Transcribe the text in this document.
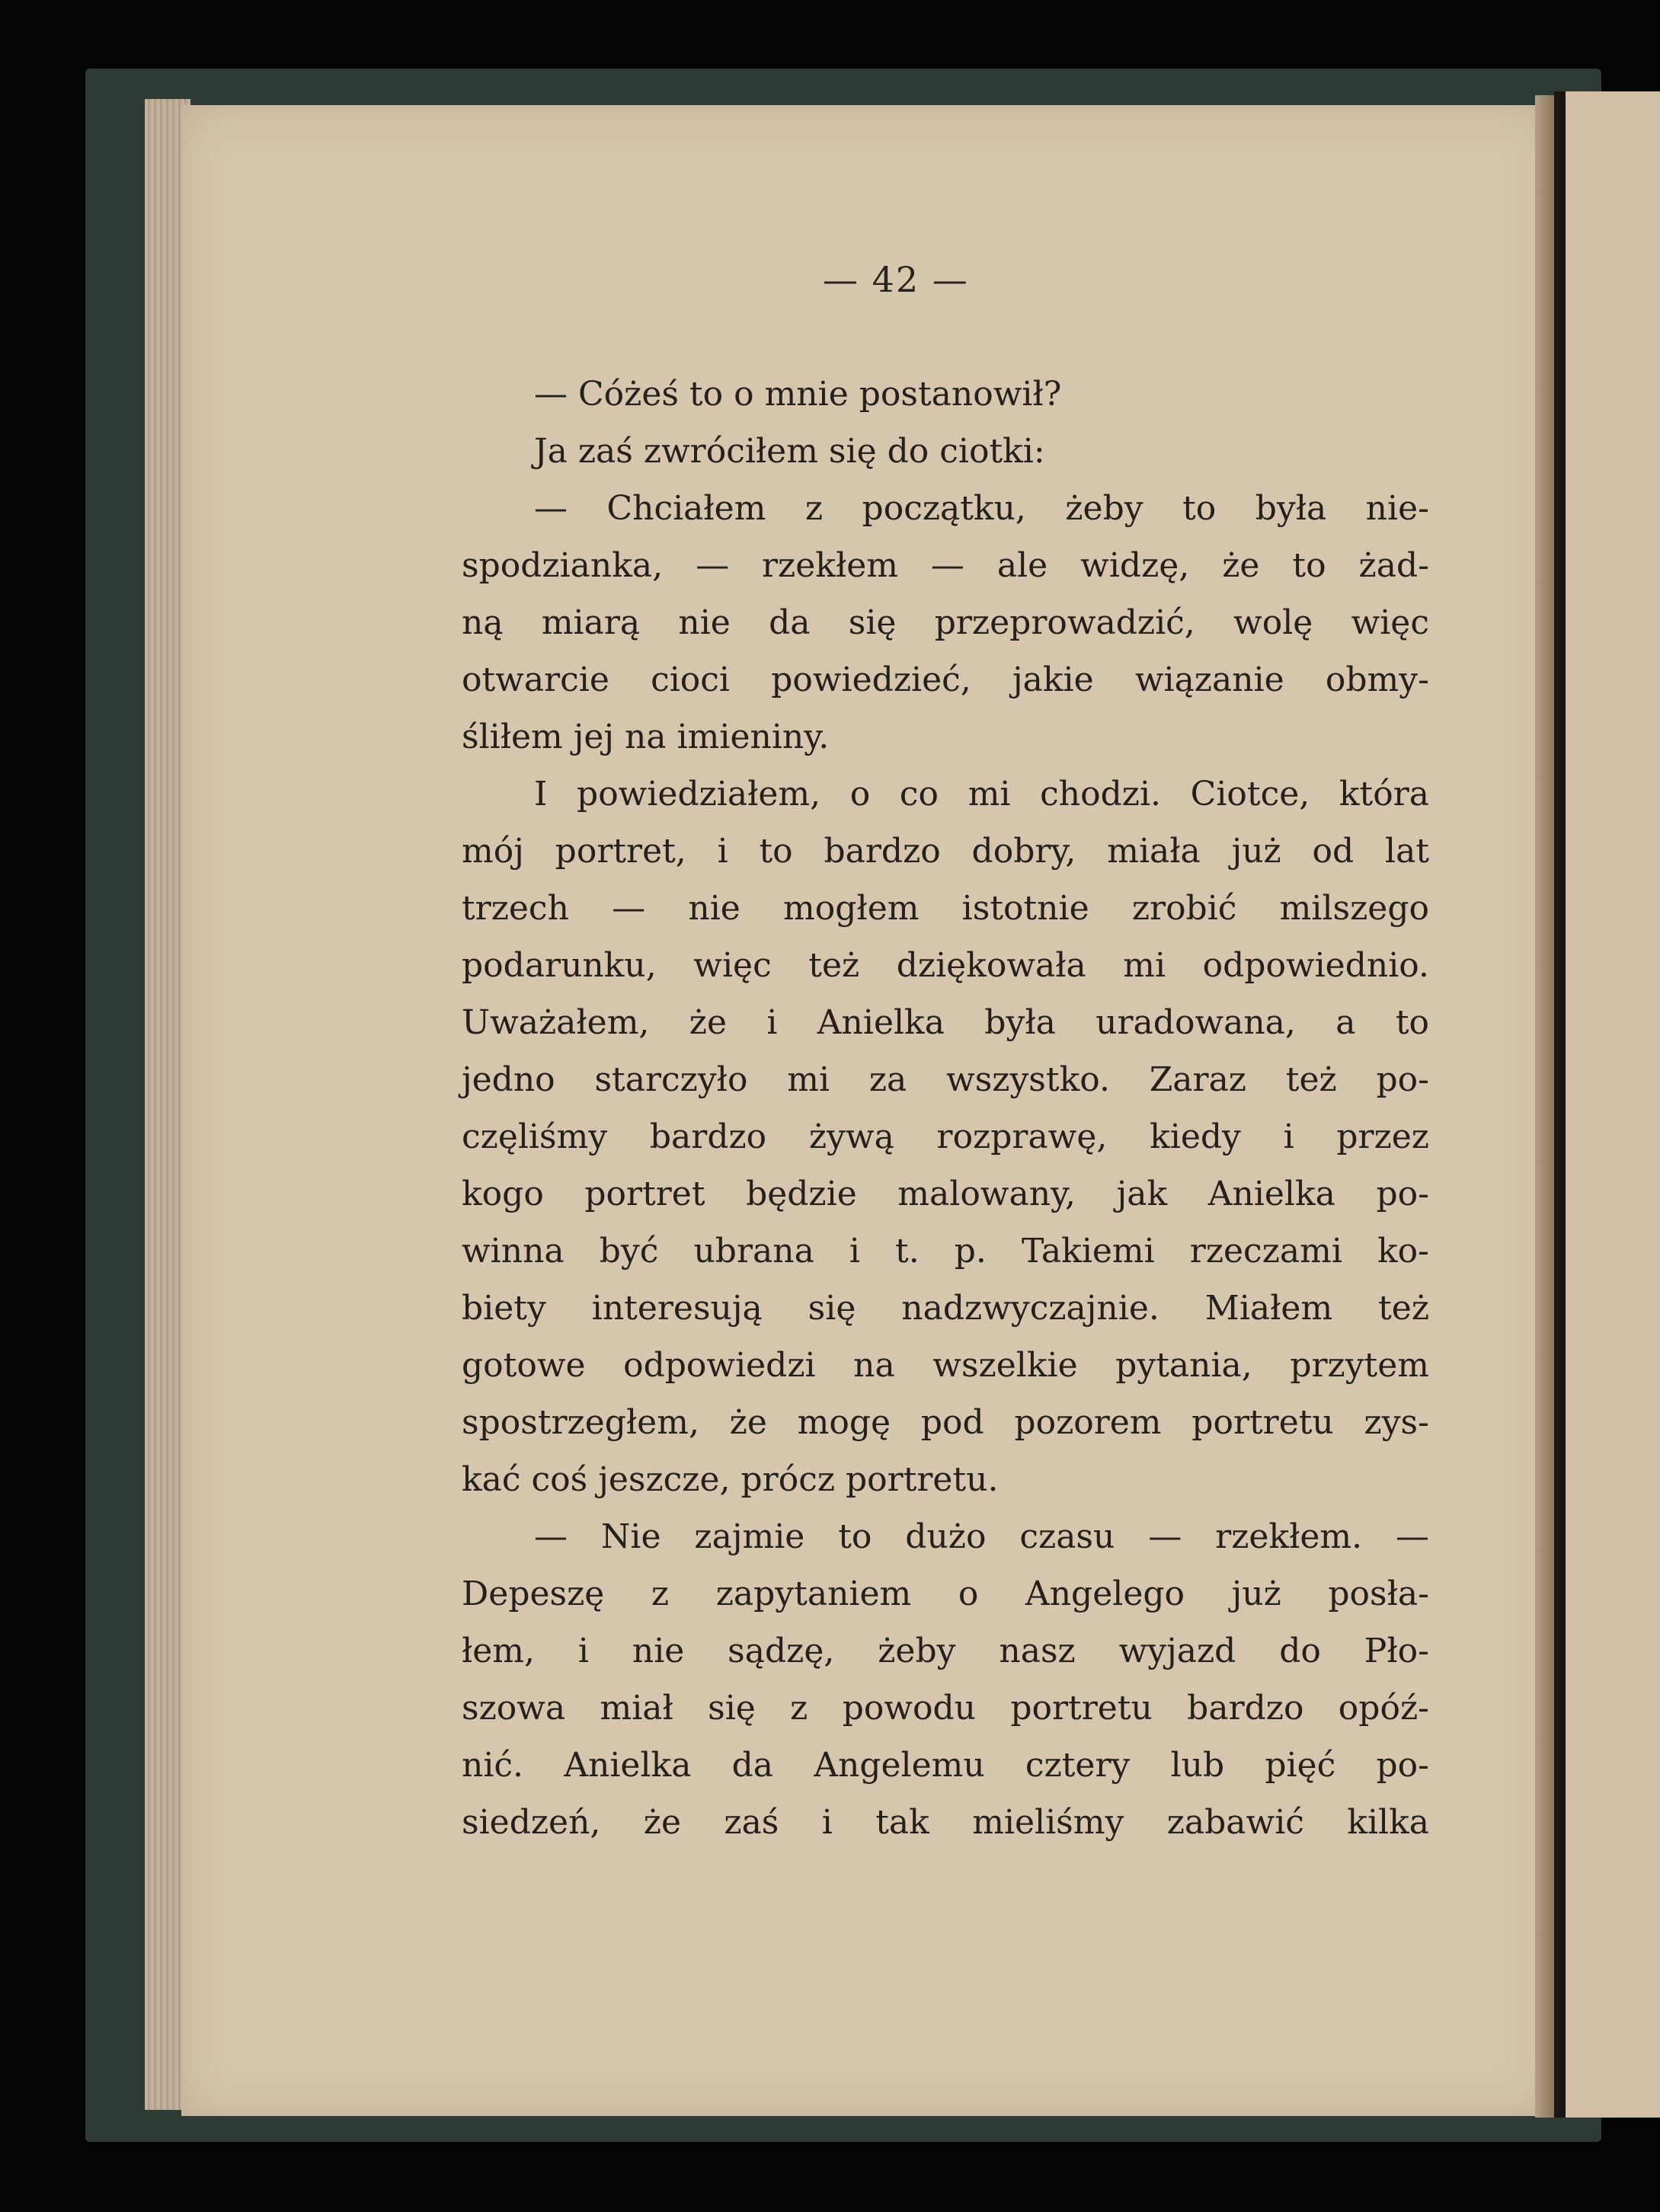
— 42 —
— Cóżeś to o mnie postanowił?
Ja zaś zwróciłem się do ciotki:
— Chciałem z początku, żeby to była nie-
spodzianka, — rzekłem — ale widzę, że to żad-
ną miarą nie da się przeprowadzić, wolę więc
otwarcie cioci powiedzieć, jakie wiązanie obmy-
śliłem jej na imieniny.
I powiedziałem, o co mi chodzi. Ciotce, która
mój portret, i to bardzo dobry, miała już od lat
trzech — nie mogłem istotnie zrobić milszego
podarunku, więc też dziękowała mi odpowiednio.
Uważałem, że i Anielka była uradowana, a to
jedno starczyło mi za wszystko. Zaraz też po-
częliśmy bardzo żywą rozprawę, kiedy i przez
kogo portret będzie malowany, jak Anielka po-
winna być ubrana i t. p. Takiemi rzeczami ko-
biety interesują się nadzwyczajnie. Miałem też
gotowe odpowiedzi na wszelkie pytania, przytem
spostrzegłem, że mogę pod pozorem portretu zys-
kać coś jeszcze, prócz portretu.
— Nie zajmie to dużo czasu — rzekłem. —
Depeszę z zapytaniem o Angelego już posła-
łem, i nie sądzę, żeby nasz wyjazd do Pło-
szowa miał się z powodu portretu bardzo opóź-
nić. Anielka da Angelemu cztery lub pięć po-
siedzeń, że zaś i tak mieliśmy zabawić kilka
